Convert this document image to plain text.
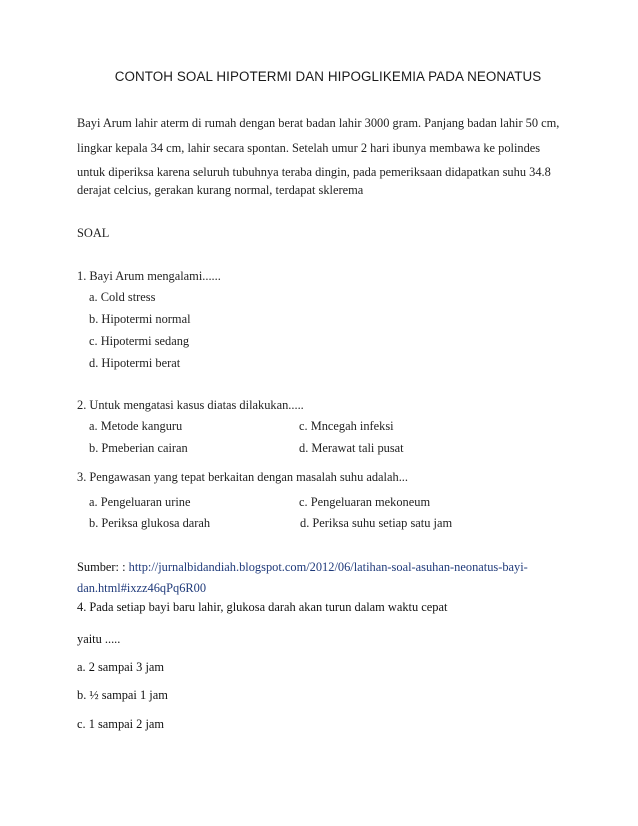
CONTOH SOAL HIPOTERMI DAN HIPOGLIKEMIA PADA NEONATUS
Bayi Arum lahir aterm di rumah dengan berat badan lahir 3000 gram. Panjang badan lahir 50 cm,
lingkar kepala 34 cm, lahir secara spontan. Setelah umur 2 hari ibunya membawa ke polindes
untuk diperiksa karena seluruh tubuhnya teraba dingin, pada pemeriksaan didapatkan suhu 34.8
derajat celcius, gerakan kurang normal, terdapat sklerema
SOAL
1. Bayi Arum mengalami......
a. Cold stress
b. Hipotermi normal
c. Hipotermi sedang
d. Hipotermi berat
2. Untuk mengatasi kasus diatas dilakukan.....
a. Metode kanguru	c. Mncegah infeksi
b. Pmeberian cairan	d. Merawat tali pusat
3. Pengawasan yang tepat berkaitan dengan masalah suhu adalah...
a. Pengeluaran urine	c. Pengeluaran mekoneum
b. Periksa glukosa darah	d. Periksa suhu setiap satu jam
Sumber: : http://jurnalbidandiah.blogspot.com/2012/06/latihan-soal-asuhan-neonatus-bayi-
dan.html#ixzz46qPq6R00
4. Pada setiap bayi baru lahir, glukosa darah akan turun dalam waktu cepat
yaitu .....
a. 2 sampai 3 jam
b. ½ sampai 1 jam
c. 1 sampai 2 jam
